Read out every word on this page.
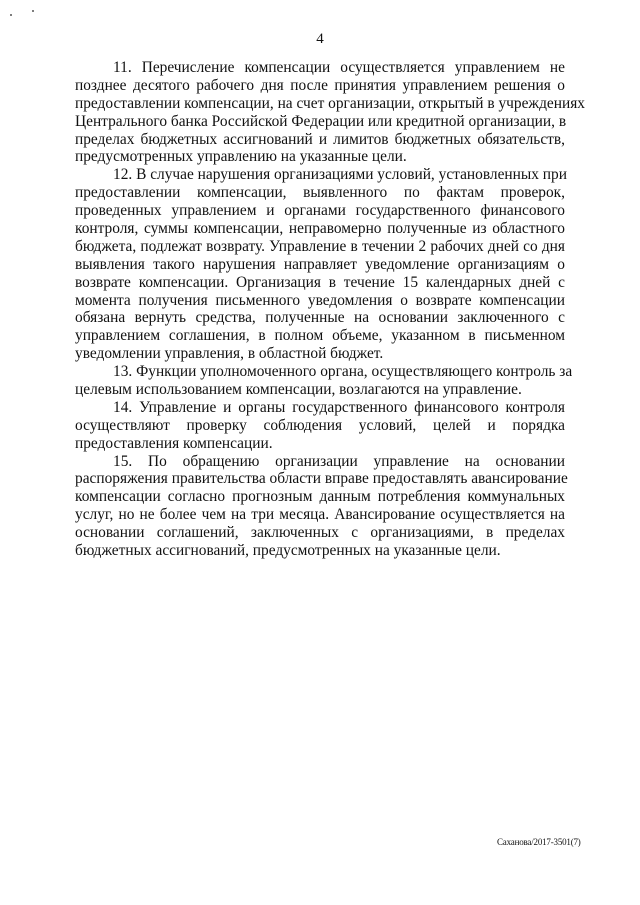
4
11. Перечисление компенсации осуществляется управлением не
позднее десятого рабочего дня после принятия управлением решения о
предоставлении компенсации, на счет организации, открытый в учреждениях
Центрального банка Российской Федерации или кредитной организации, в
пределах бюджетных ассигнований и лимитов бюджетных обязательств,
предусмотренных управлению на указанные цели.
12. В случае нарушения организациями условий, установленных при
предоставлении компенсации, выявленного по фактам проверок,
проведенных управлением и органами государственного финансового
контроля, суммы компенсации, неправомерно полученные из областного
бюджета, подлежат возврату. Управление в течении 2 рабочих дней со дня
выявления такого нарушения направляет уведомление организациям о
возврате компенсации. Организация в течение 15 календарных дней с
момента получения письменного уведомления о возврате компенсации
обязана вернуть средства, полученные на основании заключенного с
управлением соглашения, в полном объеме, указанном в письменном
уведомлении управления, в областной бюджет.
13. Функции уполномоченного органа, осуществляющего контроль за
целевым использованием компенсации, возлагаются на управление.
14. Управление и органы государственного финансового контроля
осуществляют проверку соблюдения условий, целей и порядка
предоставления компенсации.
15. По обращению организации управление на основании
распоряжения правительства области вправе предоставлять авансирование
компенсации согласно прогнозным данным потребления коммунальных
услуг, но не более чем на три месяца. Авансирование осуществляется на
основании соглашений, заключенных с организациями, в пределах
бюджетных ассигнований, предусмотренных на указанные цели.
Саханова/2017-3501(7)
